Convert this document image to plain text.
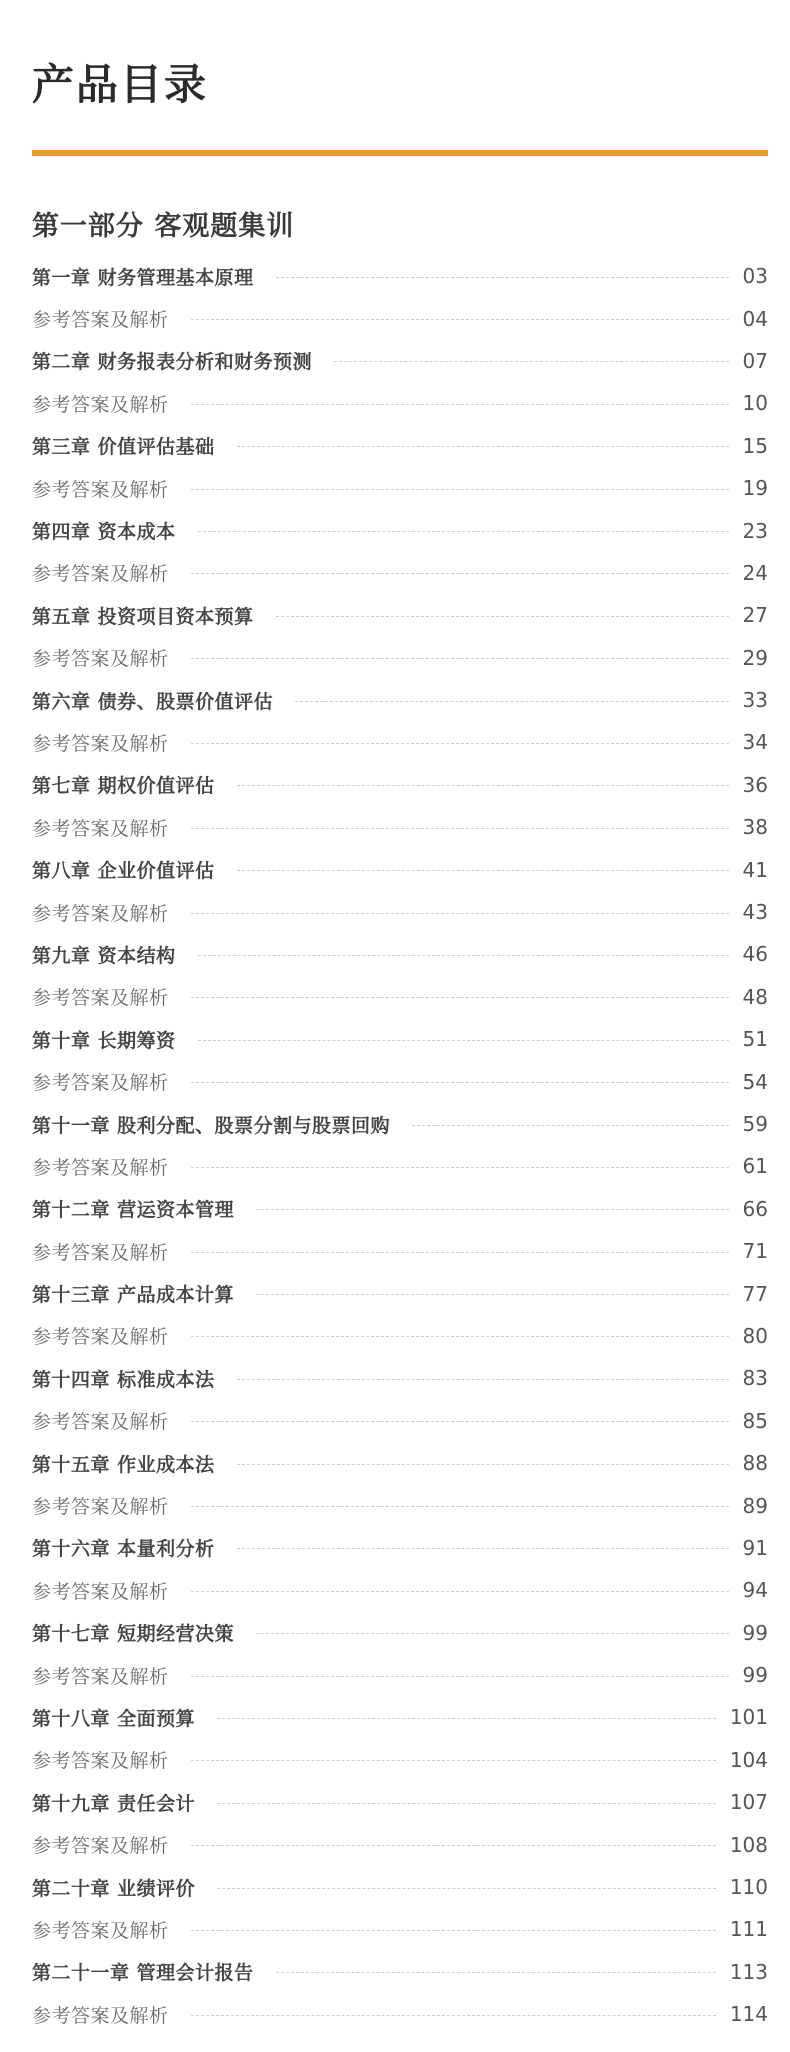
产品目录
第一部分 客观题集训
第一章 财务管理基本原理	03
参考答案及解析	04
第二章 财务报表分析和财务预测	07
参考答案及解析	10
第三章 价值评估基础	15
参考答案及解析	19
第四章 资本成本	23
参考答案及解析	24
第五章 投资项目资本预算	27
参考答案及解析	29
第六章 债券、股票价值评估	33
参考答案及解析	34
第七章 期权价值评估	36
参考答案及解析	38
第八章 企业价值评估	41
参考答案及解析	43
第九章 资本结构	46
参考答案及解析	48
第十章 长期筹资	51
参考答案及解析	54
第十一章 股利分配、股票分割与股票回购	59
参考答案及解析	61
第十二章 营运资本管理	66
参考答案及解析	71
第十三章 产品成本计算	77
参考答案及解析	80
第十四章 标准成本法	83
参考答案及解析	85
第十五章 作业成本法	88
参考答案及解析	89
第十六章 本量利分析	91
参考答案及解析	94
第十七章 短期经营决策	99
参考答案及解析	99
第十八章 全面预算	101
参考答案及解析	104
第十九章 责任会计	107
参考答案及解析	108
第二十章 业绩评价	110
参考答案及解析	111
第二十一章 管理会计报告	113
参考答案及解析	114
